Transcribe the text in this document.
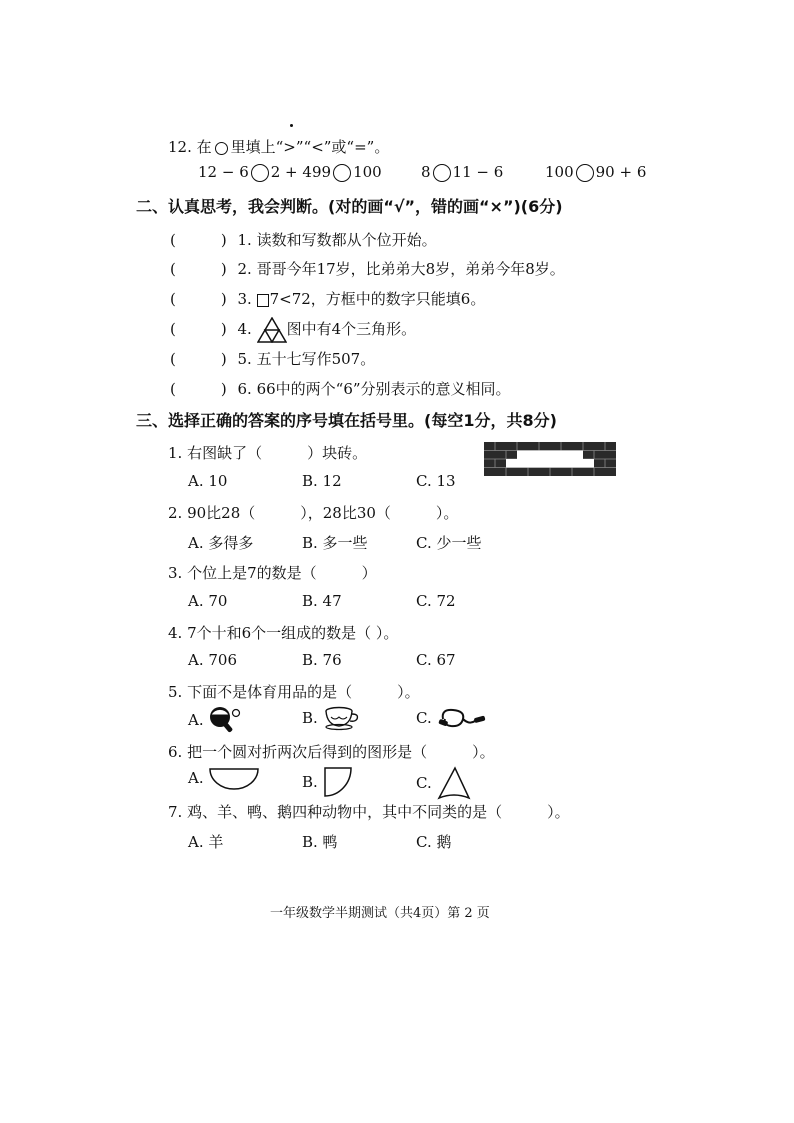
12. 在 里填上“>”“<”或“=”。
12 − 6 2 + 4 99 100	8 11 − 6	100 90 + 6
二、认真思考，我会判断。(对的画“√”，错的画“×”)(6分)
(　　　) 1. 读数和写数都从个位开始。
(　　　) 2. 哥哥今年17岁，比弟弟大8岁，弟弟今年8岁。
(　　　) 3. 7<72，方框中的数字只能填6。
(　　　) 4. 图中有4个三角形。
(　　　) 5. 五十七写作507。
(　　　) 6. 66中的两个“6”分别表示的意义相同。
三、选择正确的答案的序号填在括号里。(每空1分，共8分)
1. 右图缺了（　　　）块砖。
A. 10	B. 12	C. 13
2. 90比28（　　　），28比30（　　　）。
A. 多得多	B. 多一些	C. 少一些
3. 个位上是7的数是（　　　）
A. 70	B. 47	C. 72
4. 7个十和6个一组成的数是（ ）。
A. 706	B. 76	C. 67
5. 下面不是体育用品的是（　　　）。
A.	B.	C.
6. 把一个圆对折两次后得到的图形是（　　　）。
A.	B.	C.
7. 鸡、羊、鸭、鹅四种动物中，其中不同类的是（　　　）。
A. 羊	B. 鸭	C. 鹅
一年级数学半期测试（共4页）第 2 页
